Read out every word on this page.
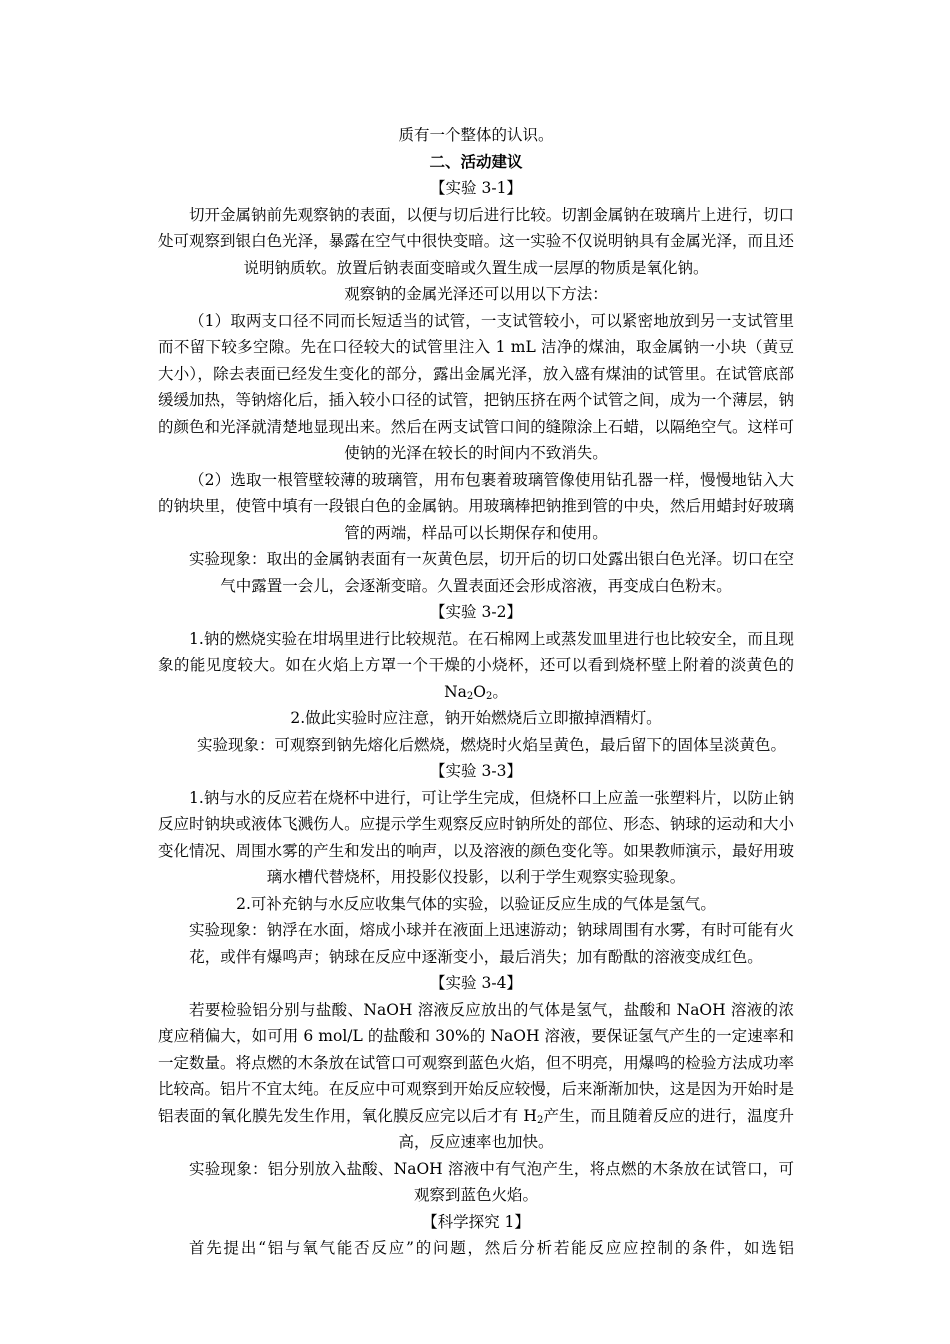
质有一个整体的认识。

二、活动建议

【实验 3-1】

切开金属钠前先观察钠的表面，以便与切后进行比较。切割金属钠在玻璃片上进行，切口处可观察到银白色光泽，暴露在空气中很快变暗。这一实验不仅说明钠具有金属光泽，而且还说明钠质软。放置后钠表面变暗或久置生成一层厚的物质是氧化钠。

观察钠的金属光泽还可以用以下方法：

（1）取两支口径不同而长短适当的试管，一支试管较小，可以紧密地放到另一支试管里而不留下较多空隙。先在口径较大的试管里注入 1 mL 洁净的煤油，取金属钠一小块（黄豆大小），除去表面已经发生变化的部分，露出金属光泽，放入盛有煤油的试管里。在试管底部缓缓加热，等钠熔化后，插入较小口径的试管，把钠压挤在两个试管之间，成为一个薄层，钠的颜色和光泽就清楚地显现出来。然后在两支试管口间的缝隙涂上石蜡，以隔绝空气。这样可使钠的光泽在较长的时间内不致消失。

（2）选取一根管壁较薄的玻璃管，用布包裹着玻璃管像使用钻孔器一样，慢慢地钻入大的钠块里，使管中填有一段银白色的金属钠。用玻璃棒把钠推到管的中央，然后用蜡封好玻璃管的两端，样品可以长期保存和使用。

实验现象：取出的金属钠表面有一灰黄色层，切开后的切口处露出银白色光泽。切口在空气中露置一会儿，会逐渐变暗。久置表面还会形成溶液，再变成白色粉末。

【实验 3-2】

1.钠的燃烧实验在坩埚里进行比较规范。在石棉网上或蒸发皿里进行也比较安全，而且现象的能见度较大。如在火焰上方罩一个干燥的小烧杯，还可以看到烧杯壁上附着的淡黄色的 $Na_2O_2$。

2.做此实验时应注意，钠开始燃烧后立即撤掉酒精灯。

实验现象：可观察到钠先熔化后燃烧，燃烧时火焰呈黄色，最后留下的固体呈淡黄色。

【实验 3-3】

1.钠与水的反应若在烧杯中进行，可让学生完成，但烧杯口上应盖一张塑料片，以防止钠反应时钠块或液体飞溅伤人。应提示学生观察反应时钠所处的部位、形态、钠球的运动和大小变化情况、周围水雾的产生和发出的响声，以及溶液的颜色变化等。如果教师演示，最好用玻璃水槽代替烧杯，用投影仪投影，以利于学生观察实验现象。

2.可补充钠与水反应收集气体的实验，以验证反应生成的气体是氢气。

实验现象：钠浮在水面，熔成小球并在液面上迅速游动；钠球周围有水雾，有时可能有火花，或伴有爆鸣声；钠球在反应中逐渐变小，最后消失；加有酚酞的溶液变成红色。

【实验 3-4】

若要检验铝分别与盐酸、NaOH 溶液反应放出的气体是氢气，盐酸和 NaOH 溶液的浓度应稍偏大，如可用 6 mol/L 的盐酸和 30%的 NaOH 溶液，要保证氢气产生的一定速率和一定数量。将点燃的木条放在试管口可观察到蓝色火焰，但不明亮，用爆鸣的检验方法成功率比较高。铝片不宜太纯。在反应中可观察到开始反应较慢，后来渐渐加快，这是因为开始时是铝表面的氧化膜先发生作用，氧化膜反应完以后才有 $H_2$产生，而且随着反应的进行，温度升高，反应速率也加快。

实验现象：铝分别放入盐酸、NaOH 溶液中有气泡产生，将点燃的木条放在试管口，可观察到蓝色火焰。

【科学探究 1】

首先提出“铝与氧气能否反应”的问题，然后分析若能反应应控制的条件，如选铝
